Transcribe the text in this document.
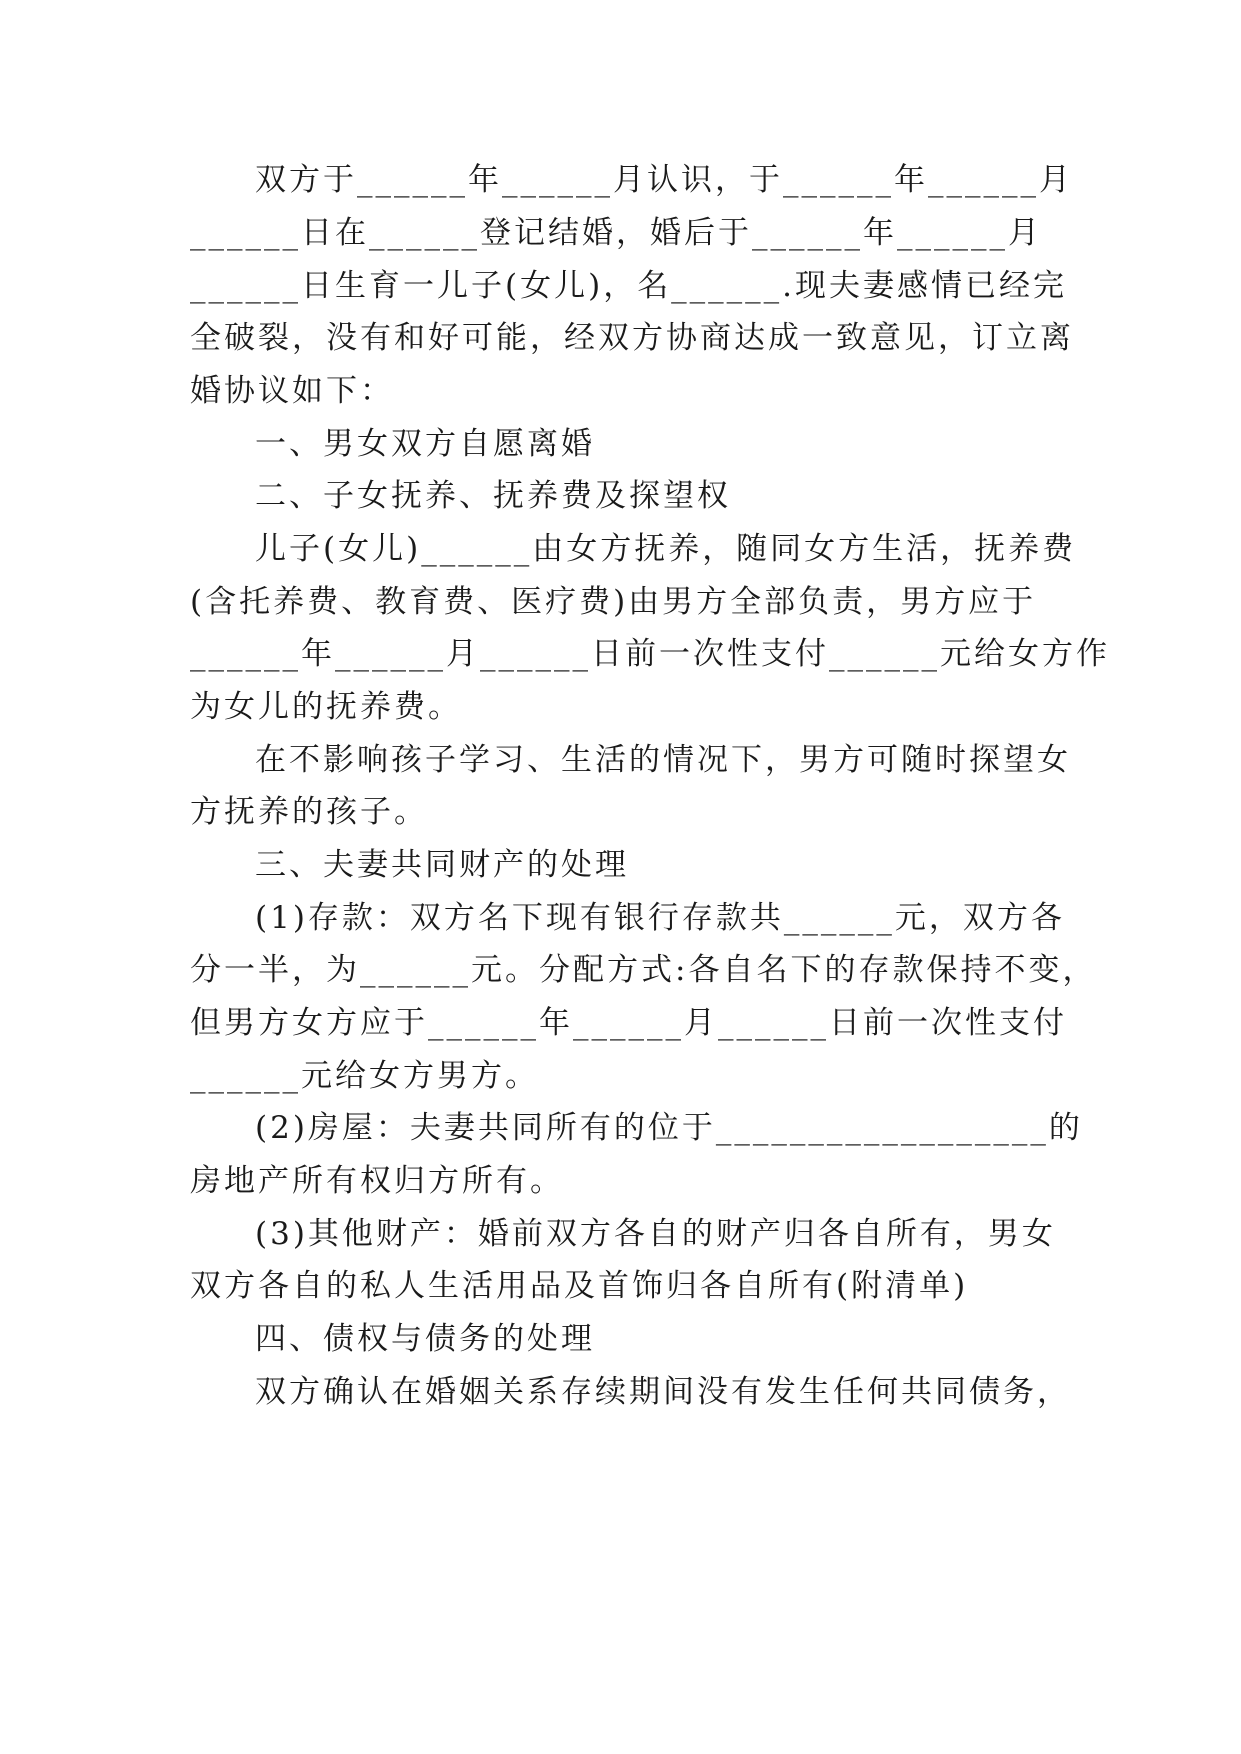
双方于______年______月认识，于______年______月
______日在______登记结婚，婚后于______年______月
______日生育一儿子(女儿)，名______.现夫妻感情已经完
全破裂，没有和好可能，经双方协商达成一致意见，订立离
婚协议如下：
一、男女双方自愿离婚
二、子女抚养、抚养费及探望权
儿子(女儿)______由女方抚养，随同女方生活，抚养费
(含托养费、教育费、医疗费)由男方全部负责，男方应于
______年______月______日前一次性支付______元给女方作
为女儿的抚养费。
在不影响孩子学习、生活的情况下，男方可随时探望女
方抚养的孩子。
三、夫妻共同财产的处理
(1)存款：双方名下现有银行存款共______元，双方各
分一半，为______元。分配方式:各自名下的存款保持不变，
但男方女方应于______年______月______日前一次性支付
______元给女方男方。
(2)房屋：夫妻共同所有的位于__________________的
房地产所有权归方所有。
(3)其他财产：婚前双方各自的财产归各自所有，男女
双方各自的私人生活用品及首饰归各自所有(附清单)
四、债权与债务的处理
双方确认在婚姻关系存续期间没有发生任何共同债务，
